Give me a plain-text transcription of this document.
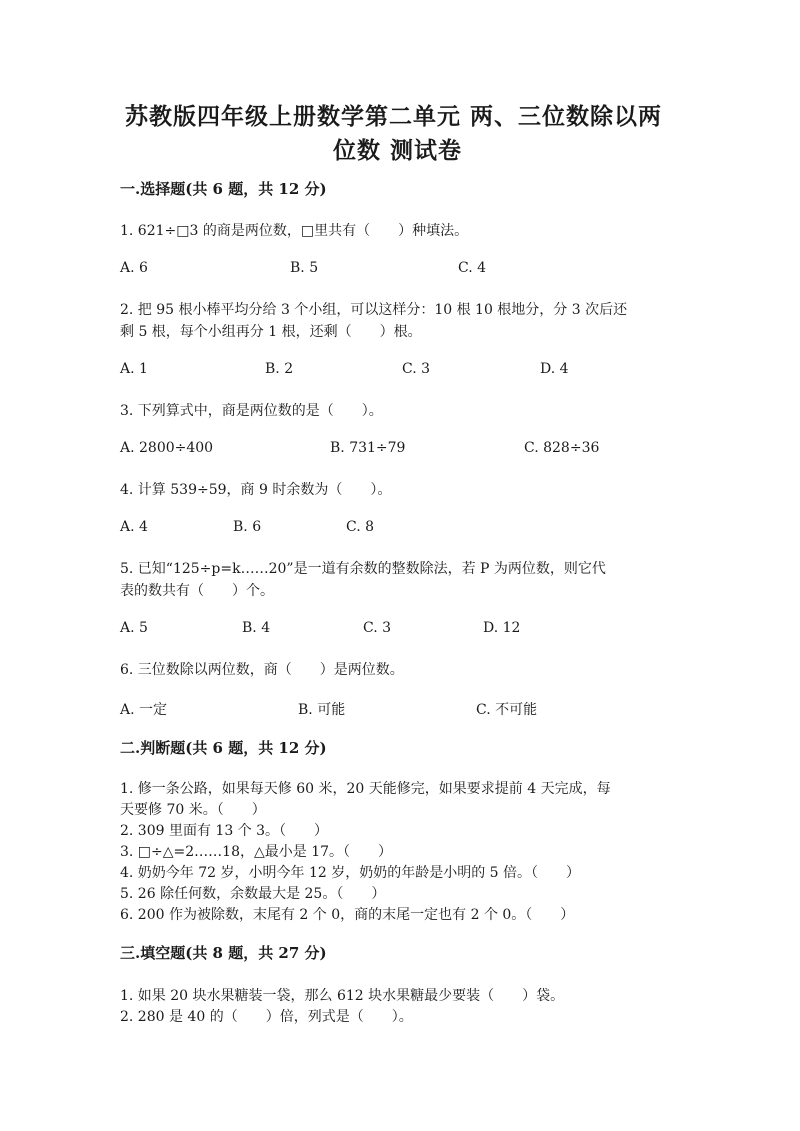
苏教版四年级上册数学第二单元 两、三位数除以两
位数 测试卷
一.选择题(共 6 题，共 12 分)
1. 621÷□3 的商是两位数，□里共有（　　）种填法。
A. 6	B. 5	C. 4
2. 把 95 根小棒平均分给 3 个小组，可以这样分：10 根 10 根地分，分 3 次后还
剩 5 根，每个小组再分 1 根，还剩（　　）根。
A. 1	B. 2	C. 3	D. 4
3. 下列算式中，商是两位数的是（　　）。
A. 2800÷400	B. 731÷79	C. 828÷36
4. 计算 539÷59，商 9 时余数为（　　）。
A. 4	B. 6	C. 8
5. 已知“125÷p=k……20”是一道有余数的整数除法，若 P 为两位数，则它代
表的数共有（　　）个。
A. 5	B. 4	C. 3	D. 12
6. 三位数除以两位数，商（　　）是两位数。
A. 一定	B. 可能	C. 不可能
二.判断题(共 6 题，共 12 分)
1. 修一条公路，如果每天修 60 米，20 天能修完，如果要求提前 4 天完成，每
天要修 70 米。（　　）
2. 309 里面有 13 个 3。（　　）
3. □÷△=2……18，△最小是 17。（　　）
4. 奶奶今年 72 岁，小明今年 12 岁，奶奶的年龄是小明的 5 倍。（　　）
5. 26 除任何数，余数最大是 25。（　　）
6. 200 作为被除数，末尾有 2 个 0，商的末尾一定也有 2 个 0。（　　）
三.填空题(共 8 题，共 27 分)
1. 如果 20 块水果糖装一袋，那么 612 块水果糖最少要装（　　）袋。
2. 280 是 40 的（　　）倍，列式是（　　）。
